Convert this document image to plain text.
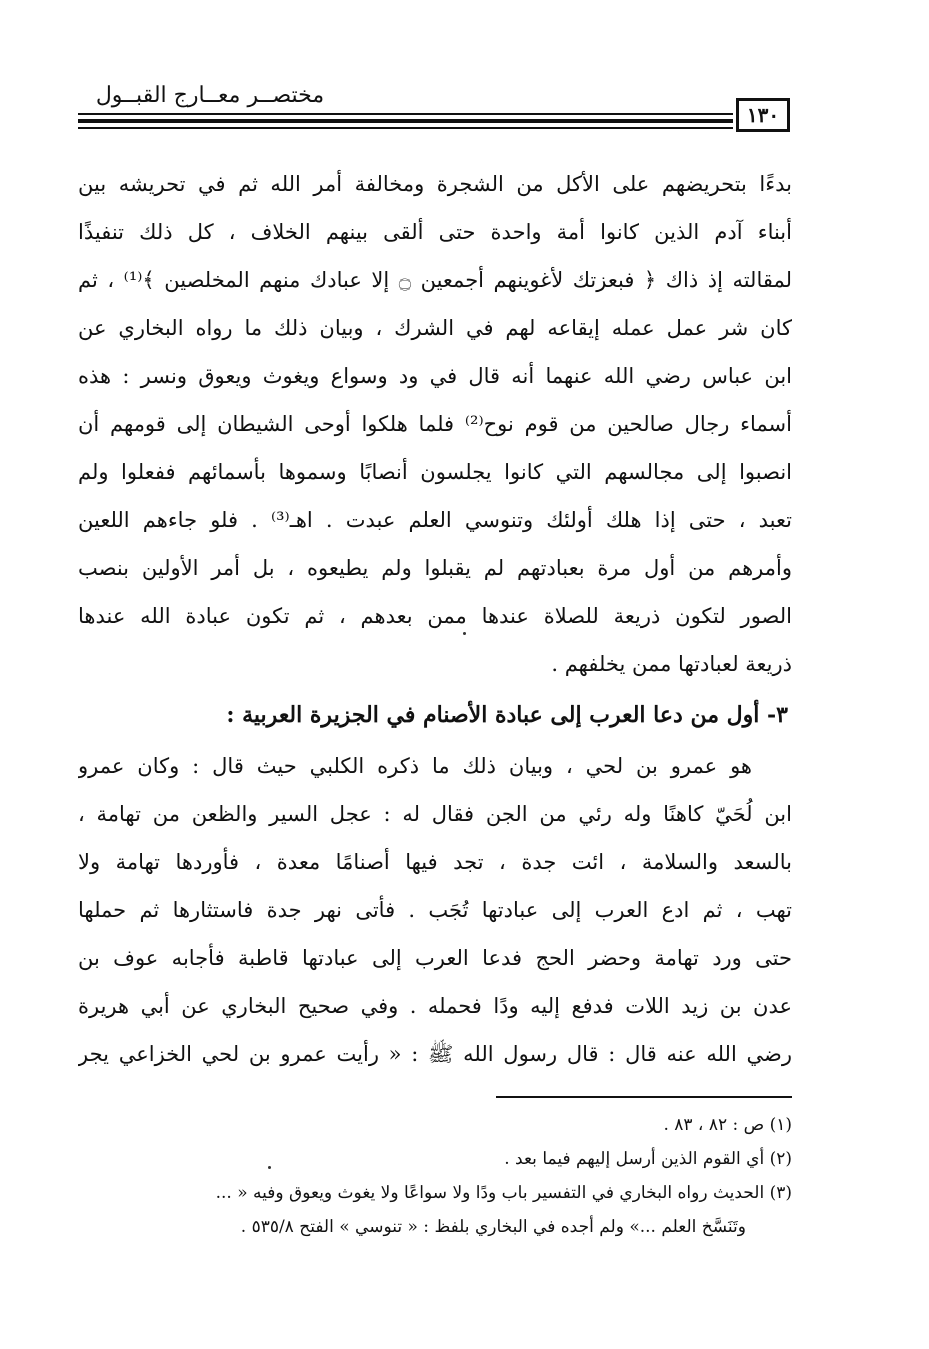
مختصــر معــارج القبــول
١٣٠
بدءًا بتحريضهم على الأكل من الشجرة ومخالفة أمر الله ثم في تحريشه بين
أبناء آدم الذين كانوا أمة واحدة حتى ألقى بينهم الخلاف ، كل ذلك تنفيذًا
لمقالته إذ ذاك ﴿ فبعزتك لأغوينهم أجمعين ۝ إلا عبادك منهم المخلصين ﴾⁽¹⁾ ، ثم
كان شر عمل عمله إيقاعه لهم في الشرك ، وبيان ذلك ما رواه البخاري عن
ابن عباس رضي الله عنهما أنه قال في ود وسواع ويغوث ويعوق ونسر : هذه
أسماء رجال صالحين من قوم نوح⁽²⁾ فلما هلكوا أوحى الشيطان إلى قومهم أن
انصبوا إلى مجالسهم التي كانوا يجلسون أنصابًا وسموها بأسمائهم ففعلوا ولم
تعبد ، حتى إذا هلك أولئك وتنوسي العلم عبدت . اهـ⁽³⁾ . فلو جاءهم اللعين
وأمرهم من أول مرة بعبادتهم لم يقبلوا ولم يطيعوه ، بل أمر الأولين بنصب
الصور لتكون ذريعة للصلاة عندها ممن بعدهم ، ثم تكون عبادة الله عندها
ذريعة لعبادتها ممن يخلفهم .
٣- أول من دعا العرب إلى عبادة الأصنام في الجزيرة العربية :
هو عمرو بن لحي ، وبيان ذلك ما ذكره الكلبي حيث قال : وكان عمرو
ابن لُحَيّ كاهنًا وله رئي من الجن فقال له : عجل السير والظعن من تهامة ،
بالسعد والسلامة ، ائت جدة ، تجد فيها أصنامًا معدة ، فأوردها تهامة ولا
تهب ، ثم ادع العرب إلى عبادتها تُجَب . فأتى نهر جدة فاستثارها ثم حملها
حتى ورد تهامة وحضر الحج فدعا العرب إلى عبادتها قاطبة فأجابه عوف بن
عدن بن زيد اللات فدفع إليه ودًا فحمله . وفي صحيح البخاري عن أبي هريرة
رضي الله عنه قال : قال رسول الله ﷺ : « رأيت عمرو بن لحي الخزاعي يجر
(١) ص : ٨٢ ، ٨٣ .
(٢) أي القوم الذين أرسل إليهم فيما بعد .
(٣) الحديث رواه البخاري في التفسير باب ودًا ولا سواعًا ولا يغوث ويعوق وفيه « ...
وتَنَسَّخ العلم ...» ولم أجده في البخاري بلفظ : « تنوسي » الفتح ٥٣٥/٨ .
